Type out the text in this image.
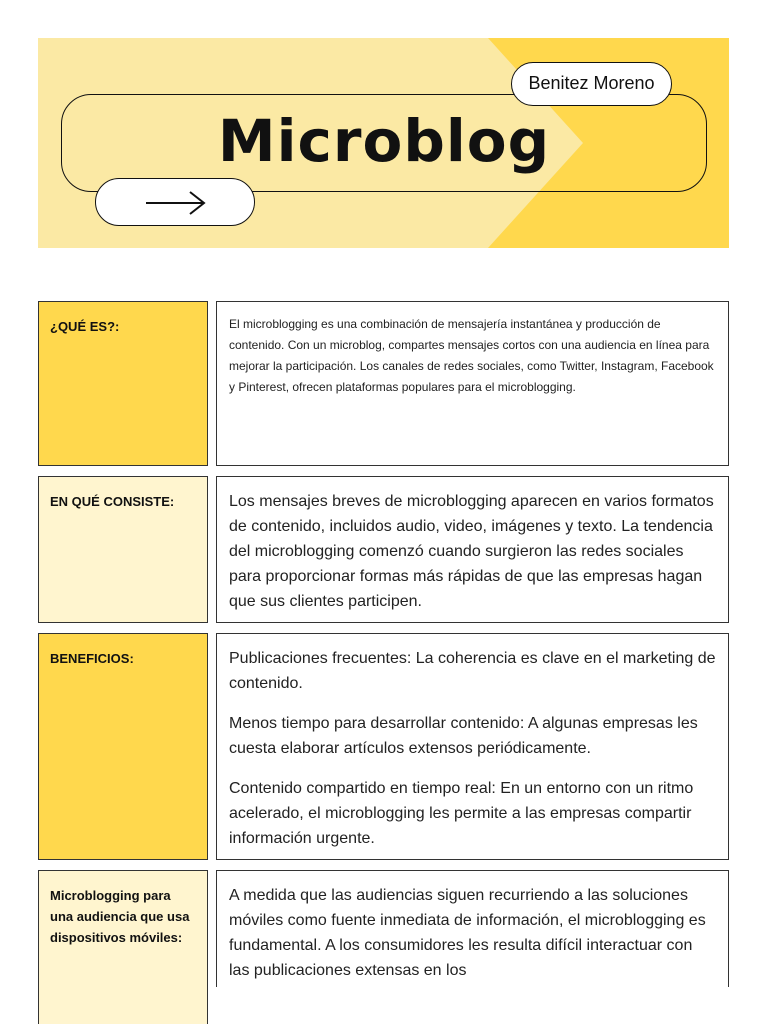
Microblog
Benitez Moreno
¿QUÉ ES?:	El microblogging es una combinación de mensajería instantánea y producción de contenido. Con un microblog, compartes mensajes cortos con una audiencia en línea para mejorar la participación. Los canales de redes sociales, como Twitter, Instagram, Facebook y Pinterest, ofrecen plataformas populares para el microblogging.
EN QUÉ CONSISTE:	Los mensajes breves de microblogging aparecen en varios formatos de contenido, incluidos audio, video, imágenes y texto. La tendencia del microblogging comenzó cuando surgieron las redes sociales para proporcionar formas más rápidas de que las empresas hagan que sus clientes participen.
BENEFICIOS:	Publicaciones frecuentes: La coherencia es clave en el marketing de contenido.

Menos tiempo para desarrollar contenido: A algunas empresas les cuesta elaborar artículos extensos periódicamente.

Contenido compartido en tiempo real: En un entorno con un ritmo acelerado, el microblogging les permite a las empresas compartir información urgente.

Microblogging para una audiencia que usa dispositivos móviles:
A medida que las audiencias siguen recurriendo a las soluciones móviles como fuente inmediata de información, el microblogging es fundamental. A los consumidores les resulta difícil interactuar con las publicaciones extensas en los
